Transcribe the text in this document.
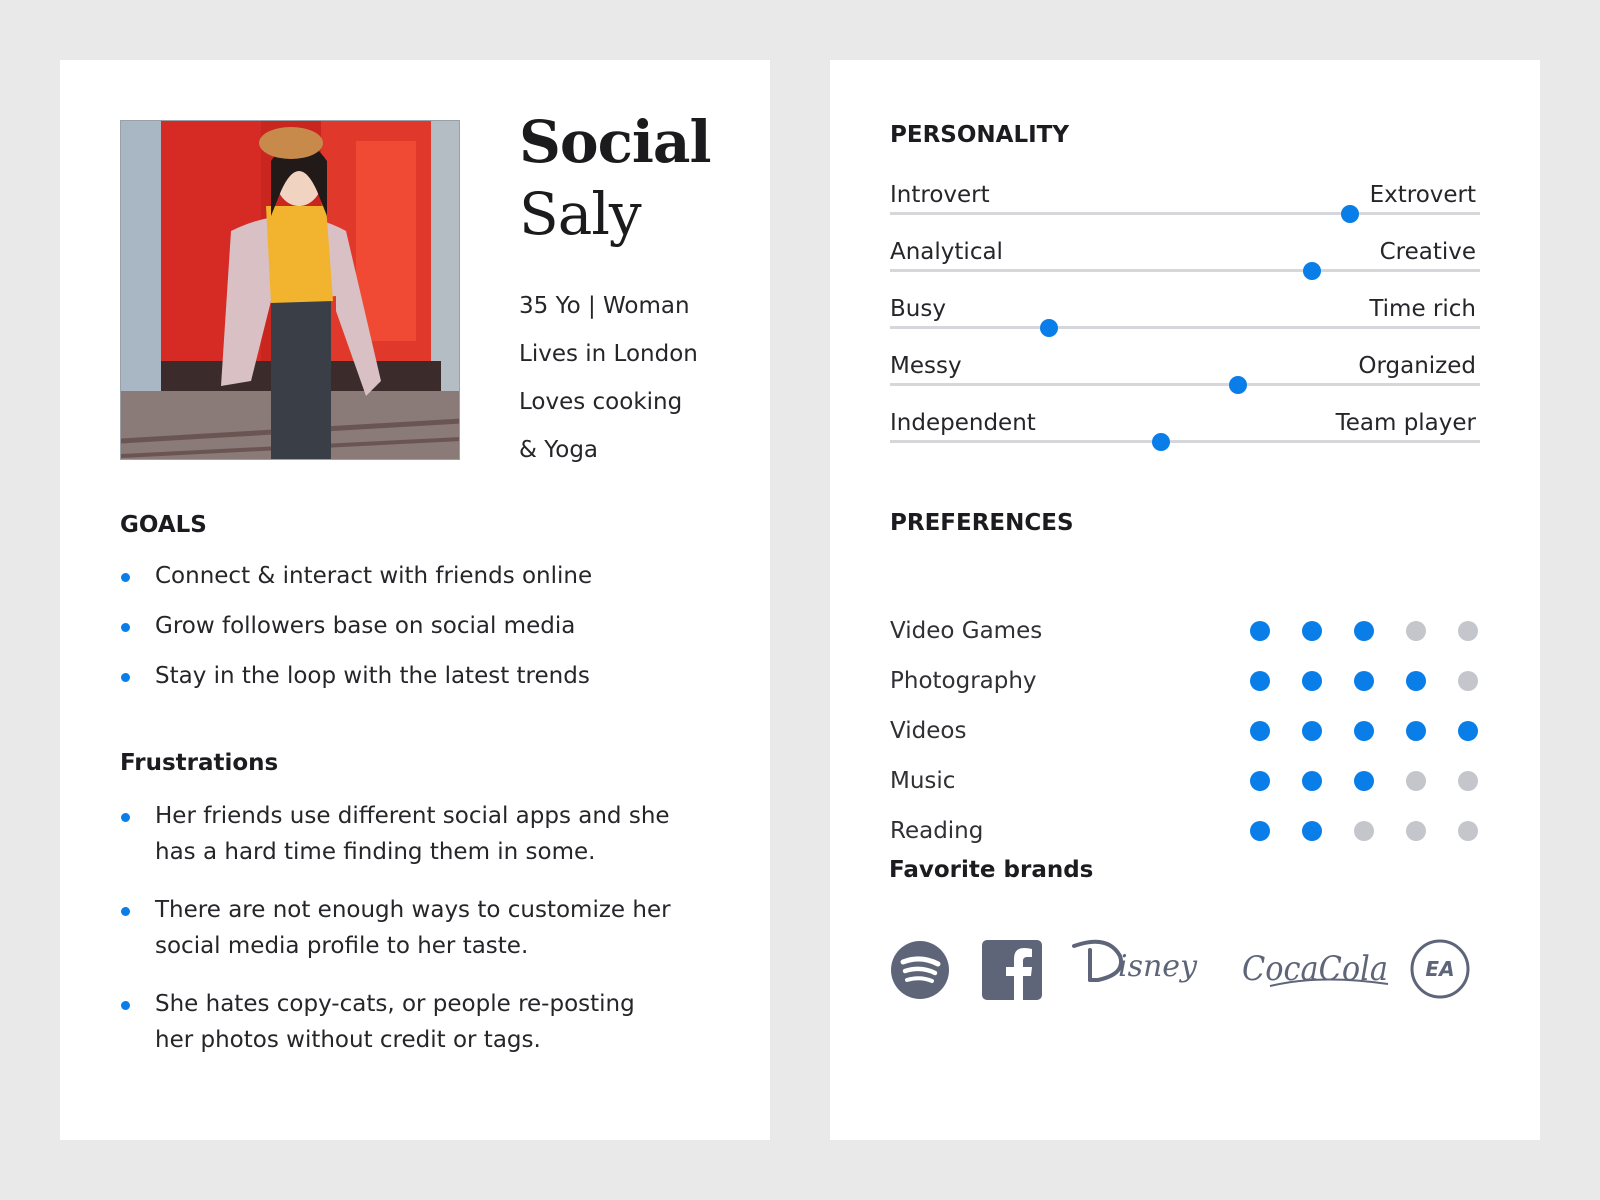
Social
Saly
35 Yo | Woman
Lives in London
Loves cooking
& Yoga
GOALS
Connect & interact with friends online
Grow followers base on social media
Stay in the loop with the latest trends
Frustrations
Her friends use different social apps and she has a hard time finding them in some.
There are not enough ways to customize her social media profile to her taste.
She hates copy-cats, or people re-posting her photos without credit or tags.
PERSONALITY
Introvert	Extrovert
Analytical	Creative
Busy	Time rich
Messy	Organized
Independent	Team player
PREFERENCES
Video Games
Photography
Videos
Music
Reading
Favorite brands
isney CocaCola EA
